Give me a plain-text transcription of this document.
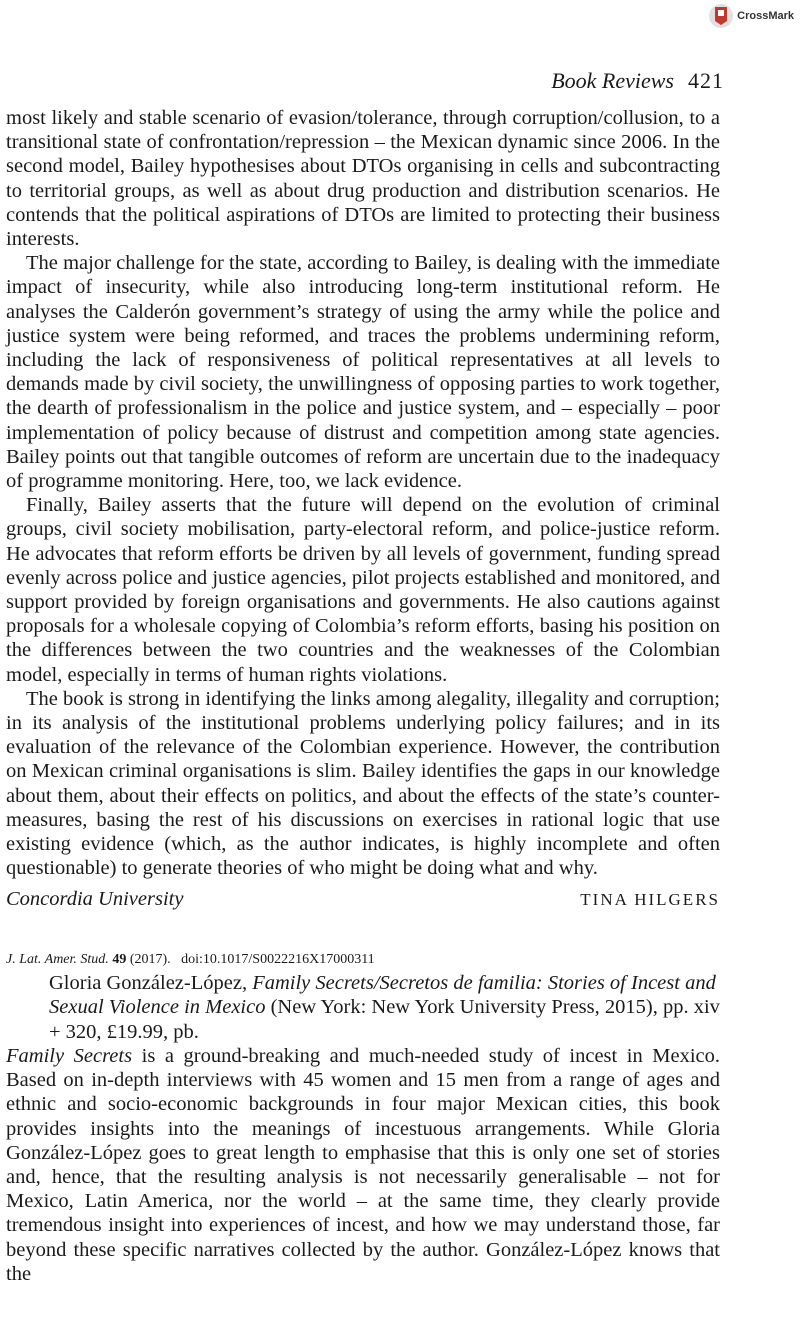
CrossMark
Book Reviews 421

most likely and stable scenario of evasion/tolerance, through corruption/collusion, to a transitional state of confrontation/repression – the Mexican dynamic since 2006. In the second model, Bailey hypothesises about DTOs organising in cells and subcontracting to territorial groups, as well as about drug production and distribution scenarios. He contends that the political aspirations of DTOs are limited to protecting their business interests.

The major challenge for the state, according to Bailey, is dealing with the immediate impact of insecurity, while also introducing long-term institutional reform. He analyses the Calderón government’s strategy of using the army while the police and justice system were being reformed, and traces the problems undermining reform, including the lack of responsiveness of political representatives at all levels to demands made by civil society, the unwillingness of opposing parties to work together, the dearth of professionalism in the police and justice system, and – especially – poor implementation of policy because of distrust and competition among state agencies. Bailey points out that tangible outcomes of reform are uncertain due to the inadequacy of programme monitoring. Here, too, we lack evidence.

Finally, Bailey asserts that the future will depend on the evolution of criminal groups, civil society mobilisation, party-electoral reform, and police-justice reform. He advocates that reform efforts be driven by all levels of government, funding spread evenly across police and justice agencies, pilot projects established and monitored, and support provided by foreign organisations and governments. He also cautions against proposals for a wholesale copying of Colombia’s reform efforts, basing his position on the differences between the two countries and the weaknesses of the Colombian model, especially in terms of human rights violations.

The book is strong in identifying the links among alegality, illegality and corruption; in its analysis of the institutional problems underlying policy failures; and in its evaluation of the relevance of the Colombian experience. However, the contribution on Mexican criminal organisations is slim. Bailey identifies the gaps in our knowledge about them, about their effects on politics, and about the effects of the state’s counter-measures, basing the rest of his discussions on exercises in rational logic that use existing evidence (which, as the author indicates, is highly incomplete and often questionable) to generate theories of who might be doing what and why.

Concordia University	TINA HILGERS
J. Lat. Amer. Stud. 49 (2017). doi:10.1017/S0022216X17000311
Gloria González-López, Family Secrets/Secretos de familia: Stories of Incest and Sexual Violence in Mexico (New York: New York University Press, 2015), pp. xiv + 320, £19.99, pb.

Family Secrets is a ground-breaking and much-needed study of incest in Mexico. Based on in-depth interviews with 45 women and 15 men from a range of ages and ethnic and socio-economic backgrounds in four major Mexican cities, this book provides insights into the meanings of incestuous arrangements. While Gloria González-López goes to great length to emphasise that this is only one set of stories and, hence, that the resulting analysis is not necessarily generalisable – not for Mexico, Latin America, nor the world – at the same time, they clearly provide tremendous insight into experiences of incest, and how we may understand those, far beyond these specific narratives collected by the author. González-López knows that the
